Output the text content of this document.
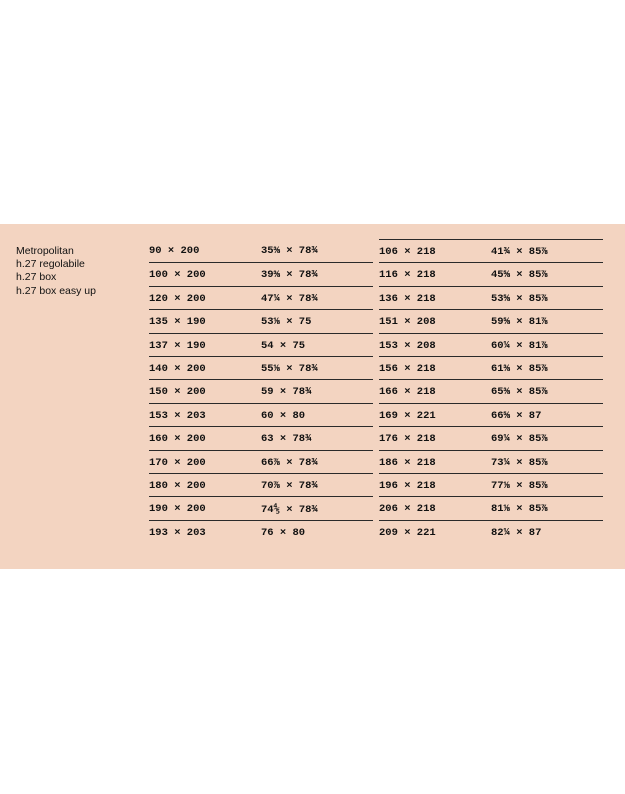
Metropolitan
h.27 regolabile
h.27 box
h.27 box easy up
90 × 200	35⅜ × 78¾
100 × 200	39⅜ × 78¾
120 × 200	47¼ × 78¾
135 × 190	53⅛ × 75
137 × 190	54 × 75
140 × 200	55⅛ × 78¾
150 × 200	59 × 78¾
153 × 203	60 × 80
160 × 200	63 × 78¾
170 × 200	66⅞ × 78¾
180 × 200	70⅞ × 78¾
190 × 200	74⅘ × 78¾
193 × 203	76 × 80
106 × 218	41¾ × 85⅞
116 × 218	45⅝ × 85⅞
136 × 218	53⅝ × 85⅞
151 × 208	59⅝ × 81⅞
153 × 208	60¼ × 81⅞
156 × 218	61⅜ × 85⅞
166 × 218	65⅜ × 85⅞
169 × 221	66⅝ × 87
176 × 218	69¼ × 85⅞
186 × 218	73¼ × 85⅞
196 × 218	77⅛ × 85⅞
206 × 218	81⅛ × 85⅞
209 × 221	82¼ × 87
